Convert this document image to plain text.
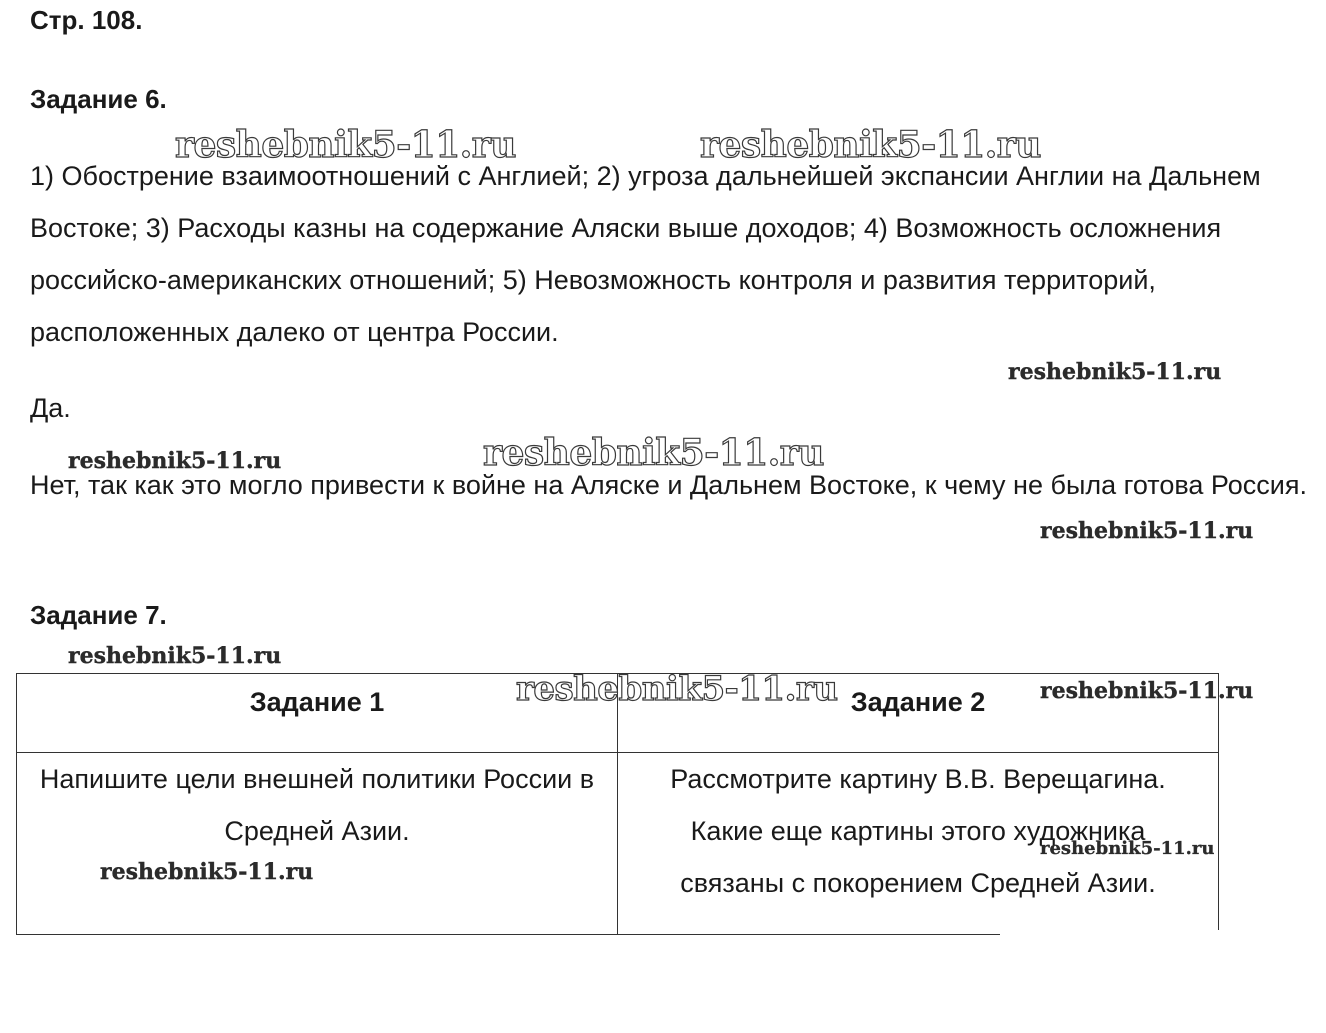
Стр. 108.
Задание 6.

1) Обострение взаимоотношений с Англией; 2) угроза дальнейшей экспансии Англии на Дальнем Востоке; 3) Расходы казны на содержание Аляски выше доходов; 4) Возможность осложнения российско-американских отношений; 5) Невозможность контроля и развития территорий, расположенных далеко от центра России.

Да.

Нет, так как это могло привести к войне на Аляске и Дальнем Востоке, к чему не была готова Россия.

Задание 7.
Задание 1	Задание 2

Напишите цели внешней политики России в Средней Азии.	Рассмотрите картину В.В. Верещагина. Какие еще картины этого художника связаны с покорением Средней Азии.
reshebnik5-11.ru	reshebnik5-11.ru
reshebnik5-11.ru
reshebnik5-11.ru
reshebnik5-11.ru
reshebnik5-11.ru
reshebnik5-11.ru
reshebnik5-11.ru	reshebnik5-11.ru
reshebnik5-11.ru
reshebnik5-11.ru
